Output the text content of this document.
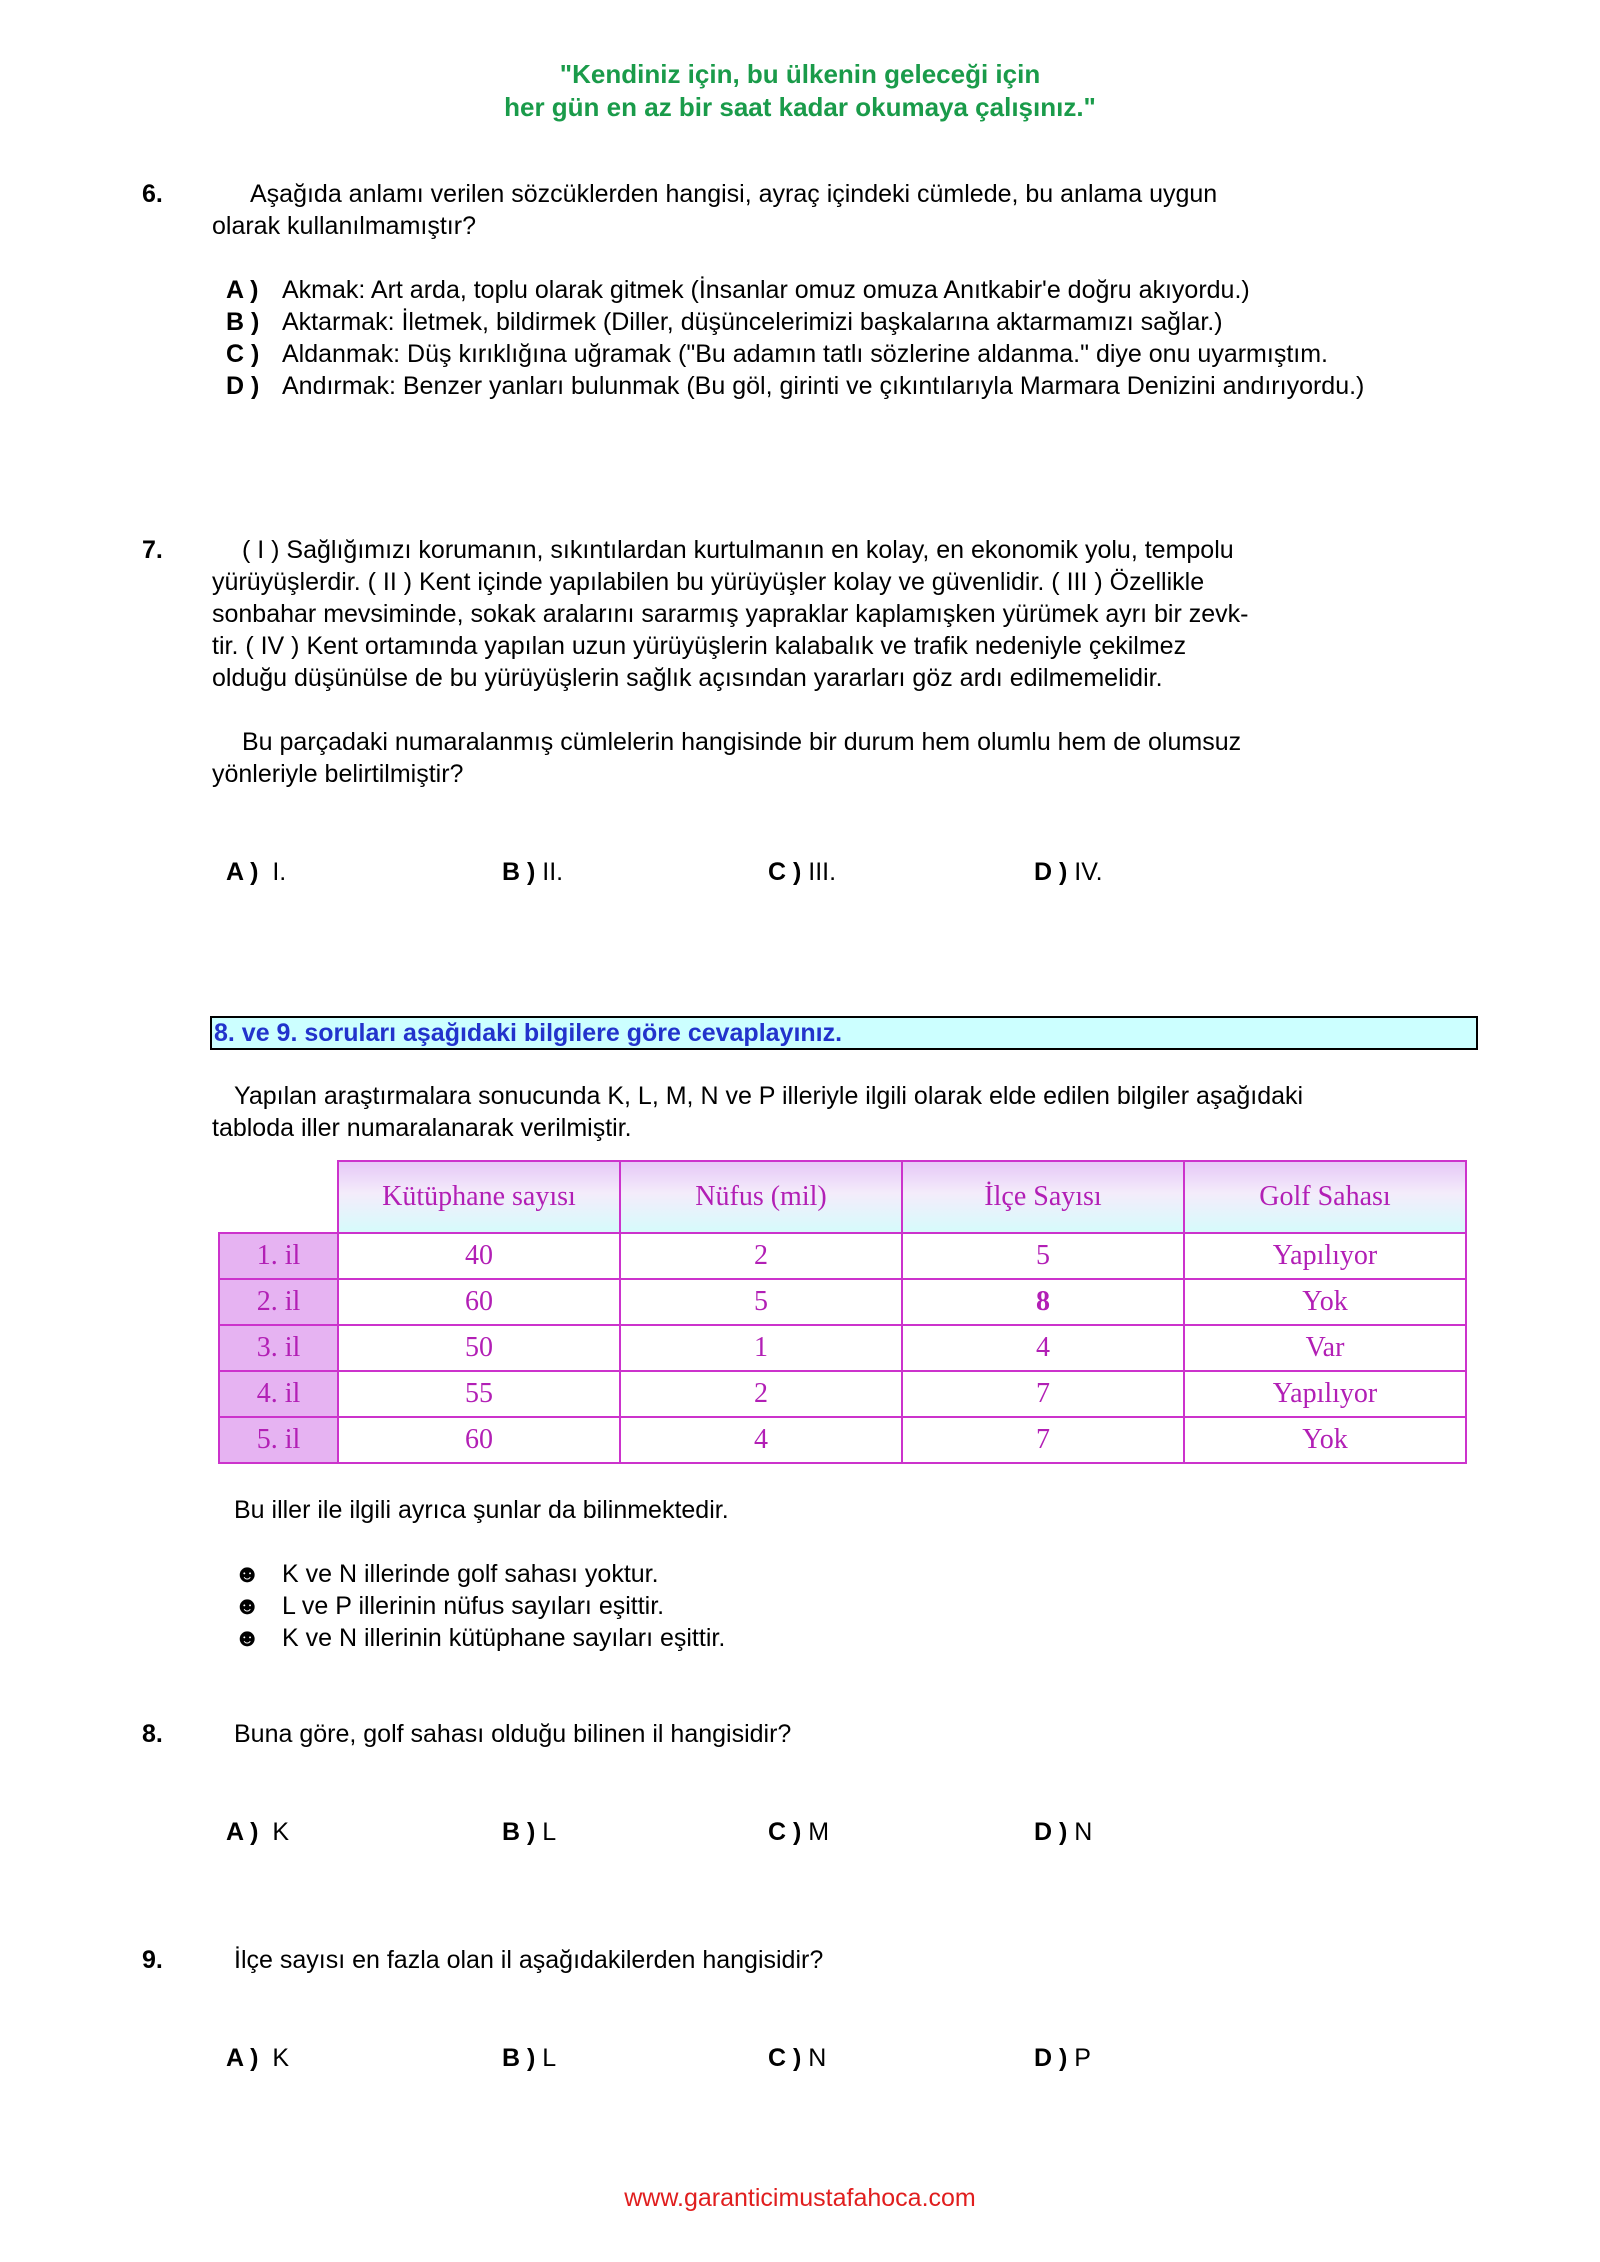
"Kendiniz için, bu ülkenin geleceği için
her gün en az bir saat kadar okumaya çalışınız."
6.	Aşağıda anlamı verilen sözcüklerden hangisi, ayraç içindeki cümlede, bu anlama uygun
olarak kullanılmamıştır?
A ) Akmak: Art arda, toplu olarak gitmek (İnsanlar omuz omuza Anıtkabir'e doğru akıyordu.)
B ) Aktarmak: İletmek, bildirmek (Diller, düşüncelerimizi başkalarına aktarmamızı sağlar.)
C ) Aldanmak: Düş kırıklığına uğramak ("Bu adamın tatlı sözlerine aldanma." diye onu uyarmıştım.
D ) Andırmak: Benzer yanları bulunmak (Bu göl, girinti ve çıkıntılarıyla Marmara Denizini andırıyordu.)
7.	( I ) Sağlığımızı korumanın, sıkıntılardan kurtulmanın en kolay, en ekonomik yolu, tempolu
yürüyüşlerdir. ( II ) Kent içinde yapılabilen bu yürüyüşler kolay ve güvenlidir. ( III ) Özellikle
sonbahar mevsiminde, sokak aralarını sararmış yapraklar kaplamışken yürümek ayrı bir zevk-
tir. ( IV ) Kent ortamında yapılan uzun yürüyüşlerin kalabalık ve trafik nedeniyle çekilmez
olduğu düşünülse de bu yürüyüşlerin sağlık açısından yararları göz ardı edilmemelidir.
Bu parçadaki numaralanmış cümlelerin hangisinde bir durum hem olumlu hem de olumsuz
yönleriyle belirtilmiştir?
A ) I.	B ) II.	C ) III.	D ) IV.
8. ve 9. soruları aşağıdaki bilgilere göre cevaplayınız.
Yapılan araştırmalara sonucunda K, L, M, N ve P illeriyle ilgili olarak elde edilen bilgiler aşağıdaki
tabloda iller numaralanarak verilmiştir.
	Kütüphane sayısı	Nüfus (mil)	İlçe Sayısı	Golf Sahası
1. il	40	2	5	Yapılıyor
2. il	60	5	8	Yok
3. il	50	1	4	Var
4. il	55	2	7	Yapılıyor
5. il	60	4	7	Yok
Bu iller ile ilgili ayrıca şunlar da bilinmektedir.
☻ K ve N illerinde golf sahası yoktur.
☻ L ve P illerinin nüfus sayıları eşittir.
☻ K ve N illerinin kütüphane sayıları eşittir.
8.	Buna göre, golf sahası olduğu bilinen il hangisidir?
A ) K	B ) L	C ) M	D ) N
9.	İlçe sayısı en fazla olan il aşağıdakilerden hangisidir?
A ) K	B ) L	C ) N	D ) P
www.garanticimustafahoca.com
